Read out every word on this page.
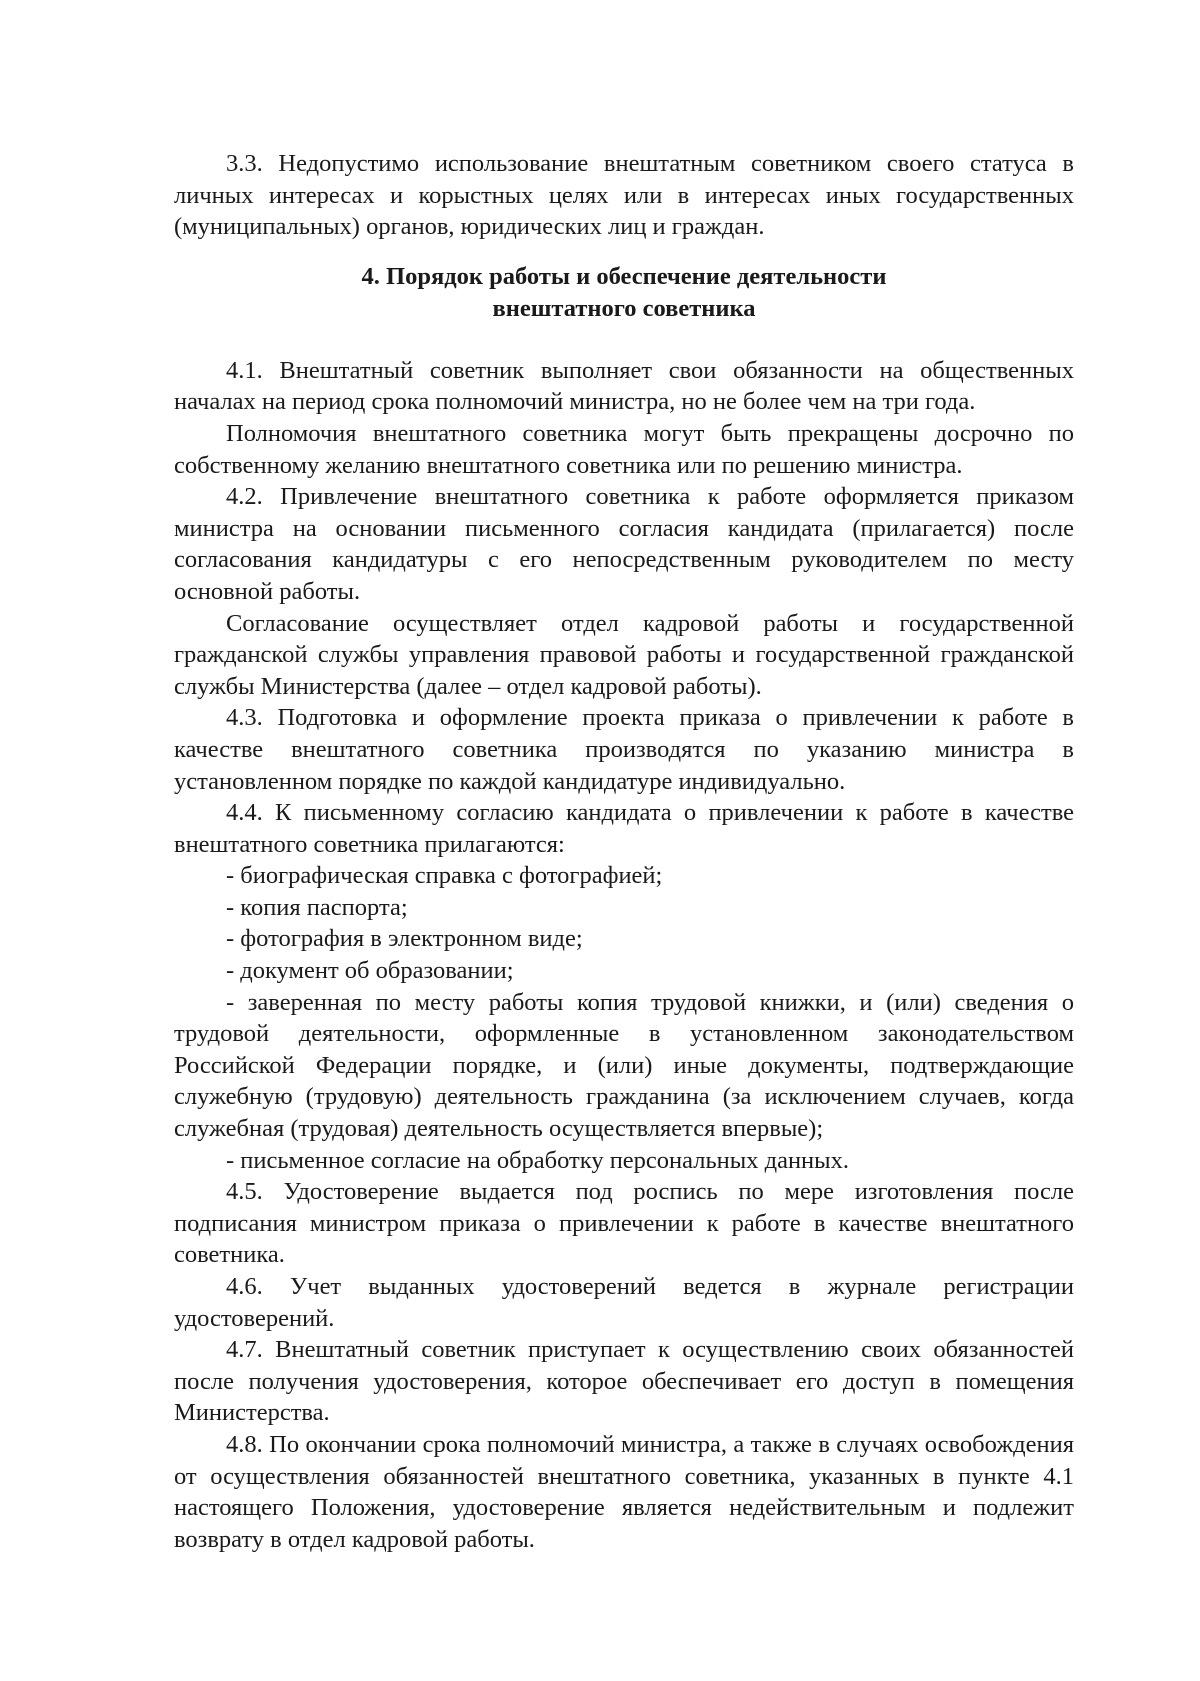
3.3. Недопустимо использование внештатным советником своего статуса в личных интересах и корыстных целях или в интересах иных государственных (муниципальных) органов, юридических лиц и граждан.

4. Порядок работы и обеспечение деятельности
внештатного советника

4.1. Внештатный советник выполняет свои обязанности на общественных началах на период срока полномочий министра, но не более чем на три года.

Полномочия внештатного советника могут быть прекращены досрочно по собственному желанию внештатного советника или по решению министра.

4.2. Привлечение внештатного советника к работе оформляется приказом министра на основании письменного согласия кандидата (прилагается) после согласования кандидатуры с его непосредственным руководителем по месту основной работы.

Согласование осуществляет отдел кадровой работы и государственной гражданской службы управления правовой работы и государственной гражданской службы Министерства (далее – отдел кадровой работы).

4.3. Подготовка и оформление проекта приказа о привлечении к работе в качестве внештатного советника производятся по указанию министра в установленном порядке по каждой кандидатуре индивидуально.

4.4. К письменному согласию кандидата о привлечении к работе в качестве внештатного советника прилагаются:

- биографическая справка с фотографией;

- копия паспорта;

- фотография в электронном виде;

- документ об образовании;

- заверенная по месту работы копия трудовой книжки, и (или) сведения о трудовой деятельности, оформленные в установленном законодательством Российской Федерации порядке, и (или) иные документы, подтверждающие служебную (трудовую) деятельность гражданина (за исключением случаев, когда служебная (трудовая) деятельность осуществляется впервые);

- письменное согласие на обработку персональных данных.

4.5. Удостоверение выдается под роспись по мере изготовления после подписания министром приказа о привлечении к работе в качестве внештатного советника.

4.6. Учет выданных удостоверений ведется в журнале регистрации удостоверений.

4.7. Внештатный советник приступает к осуществлению своих обязанностей после получения удостоверения, которое обеспечивает его доступ в помещения Министерства.

4.8. По окончании срока полномочий министра, а также в случаях освобождения от осуществления обязанностей внештатного советника, указанных в пункте 4.1 настоящего Положения, удостоверение является недействительным и подлежит возврату в отдел кадровой работы.
